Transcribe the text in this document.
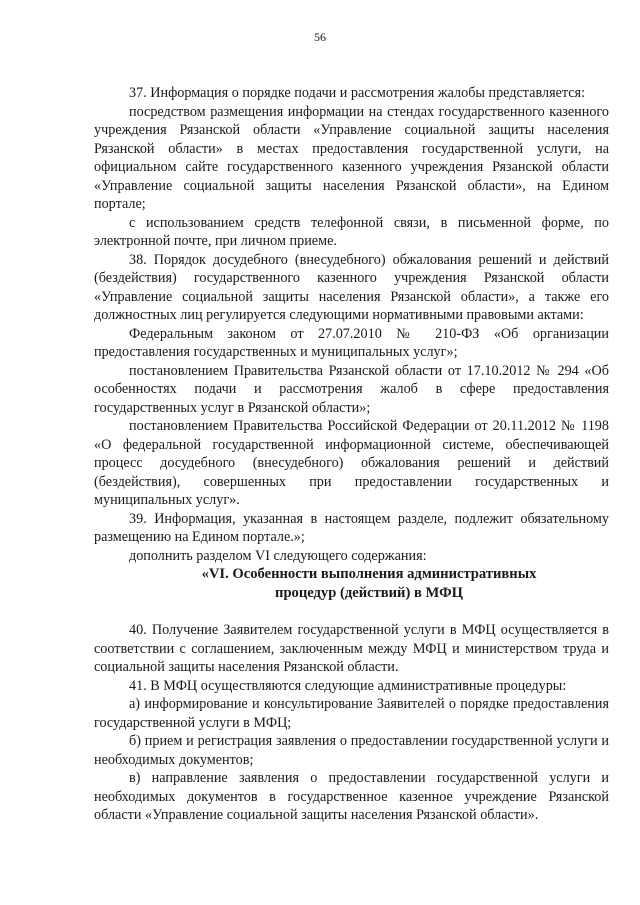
56

37. Информация о порядке подачи и рассмотрения жалобы представляется:

посредством размещения информации на стендах государственного казенного учреждения Рязанской области «Управление социальной защиты населения Рязанской области» в местах предоставления государственной услуги, на официальном сайте государственного казенного учреждения Рязанской области «Управление социальной защиты населения Рязанской области», на Едином портале;

с использованием средств телефонной связи, в письменной форме, по электронной почте, при личном приеме.

38. Порядок досудебного (внесудебного) обжалования решений и действий (бездействия) государственного казенного учреждения Рязанской области «Управление социальной защиты населения Рязанской области», а также его должностных лиц регулируется следующими нормативными правовыми актами:

Федеральным законом от 27.07.2010 № 210-ФЗ «Об организации предоставления государственных и муниципальных услуг»;

постановлением Правительства Рязанской области от 17.10.2012 № 294 «Об особенностях подачи и рассмотрения жалоб в сфере предоставления государственных услуг в Рязанской области»;

постановлением Правительства Российской Федерации от 20.11.2012 № 1198 «О федеральной государственной информационной системе, обеспечивающей процесс досудебного (внесудебного) обжалования решений и действий (бездействия), совершенных при предоставлении государственных и муниципальных услуг».

39. Информация, указанная в настоящем разделе, подлежит обязательному размещению на Едином портале.»;

дополнить разделом VI следующего содержания:

«VI. Особенности выполнения административных

процедур (действий) в МФЦ

40. Получение Заявителем государственной услуги в МФЦ осуществляется в соответствии с соглашением, заключенным между МФЦ и министерством труда и социальной защиты населения Рязанской области.

41. В МФЦ осуществляются следующие административные процедуры:

а) информирование и консультирование Заявителей о порядке предоставления государственной услуги в МФЦ;

б) прием и регистрация заявления о предоставлении государственной услуги и необходимых документов;

в) направление заявления о предоставлении государственной услуги и необходимых документов в государственное казенное учреждение Рязанской области «Управление социальной защиты населения Рязанской области».
